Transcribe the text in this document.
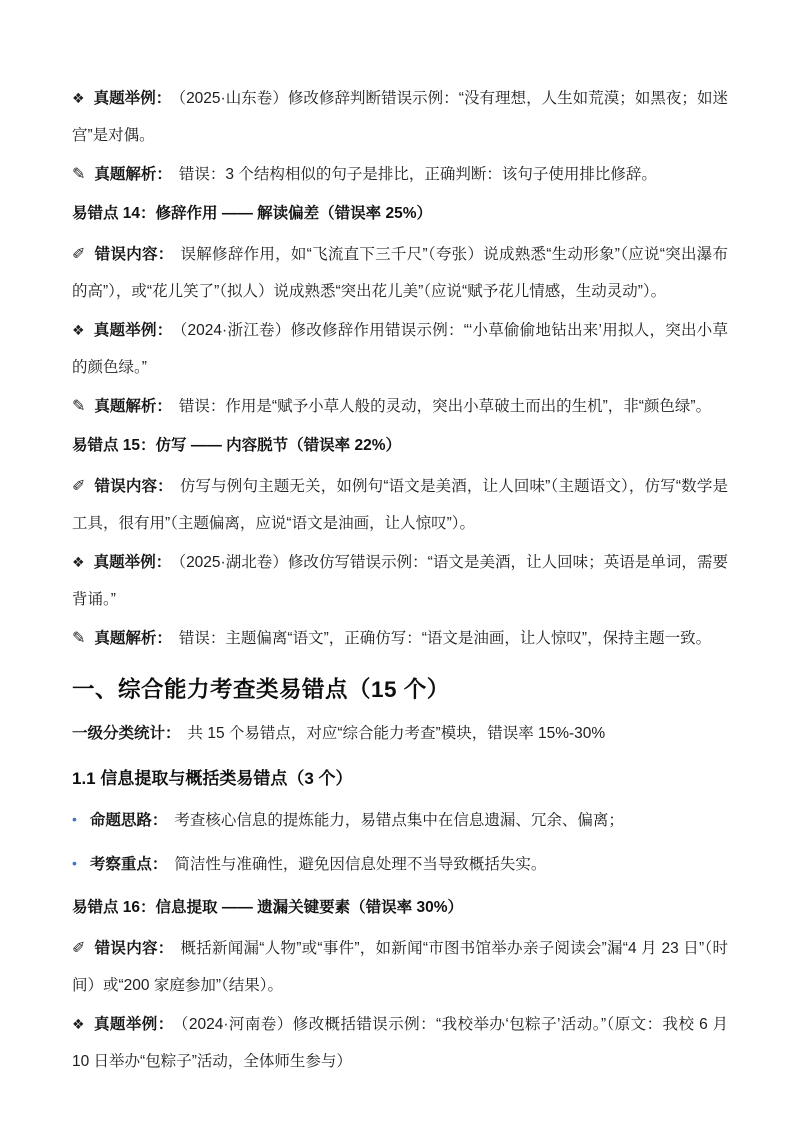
❖ 真题举例： （2025·山东卷）修改修辞判断错误示例：“没有理想，人生如荒漠；如黑夜；如迷宫”是对偶。

✎ 真题解析： 错误：3 个结构相似的句子是排比，正确判断：该句子使用排比修辞。

易错点 14：修辞作用 —— 解读偏差（错误率 25%）

✐ 错误内容： 误解修辞作用，如“飞流直下三千尺”（夸张）说成熟悉“生动形象”（应说“突出瀑布的高”），或“花儿笑了”（拟人）说成熟悉“突出花儿美”（应说“赋予花儿情感，生动灵动”）。

❖ 真题举例： （2024·浙江卷）修改修辞作用错误示例：“‘小草偷偷地钻出来’用拟人，突出小草的颜色绿。”

✎ 真题解析： 错误：作用是“赋予小草人般的灵动，突出小草破土而出的生机”，非“颜色绿”。

易错点 15：仿写 —— 内容脱节（错误率 22%）

✐ 错误内容： 仿写与例句主题无关，如例句“语文是美酒，让人回味”（主题语文），仿写“数学是工具，很有用”（主题偏离，应说“语文是油画，让人惊叹”）。

❖ 真题举例： （2025·湖北卷）修改仿写错误示例：“语文是美酒，让人回味；英语是单词，需要背诵。”

✎ 真题解析： 错误：主题偏离“语文”，正确仿写：“语文是油画，让人惊叹”，保持主题一致。

一、综合能力考查类易错点（15 个）

一级分类统计： 共 15 个易错点，对应“综合能力考查”模块，错误率 15%-30%

1.1 信息提取与概括类易错点（3 个）

• 命题思路： 考查核心信息的提炼能力，易错点集中在信息遗漏、冗余、偏离；

• 考察重点： 简洁性与准确性，避免因信息处理不当导致概括失实。

易错点 16：信息提取 —— 遗漏关键要素（错误率 30%）

✐ 错误内容： 概括新闻漏“人物”或“事件”，如新闻“市图书馆举办亲子阅读会”漏“4 月 23 日”（时间）或“200 家庭参加”（结果）。

❖ 真题举例： （2024·河南卷）修改概括错误示例：“我校举办‘包粽子’活动。”（原文：我校 6 月 10 日举办“包粽子”活动，全体师生参与）
